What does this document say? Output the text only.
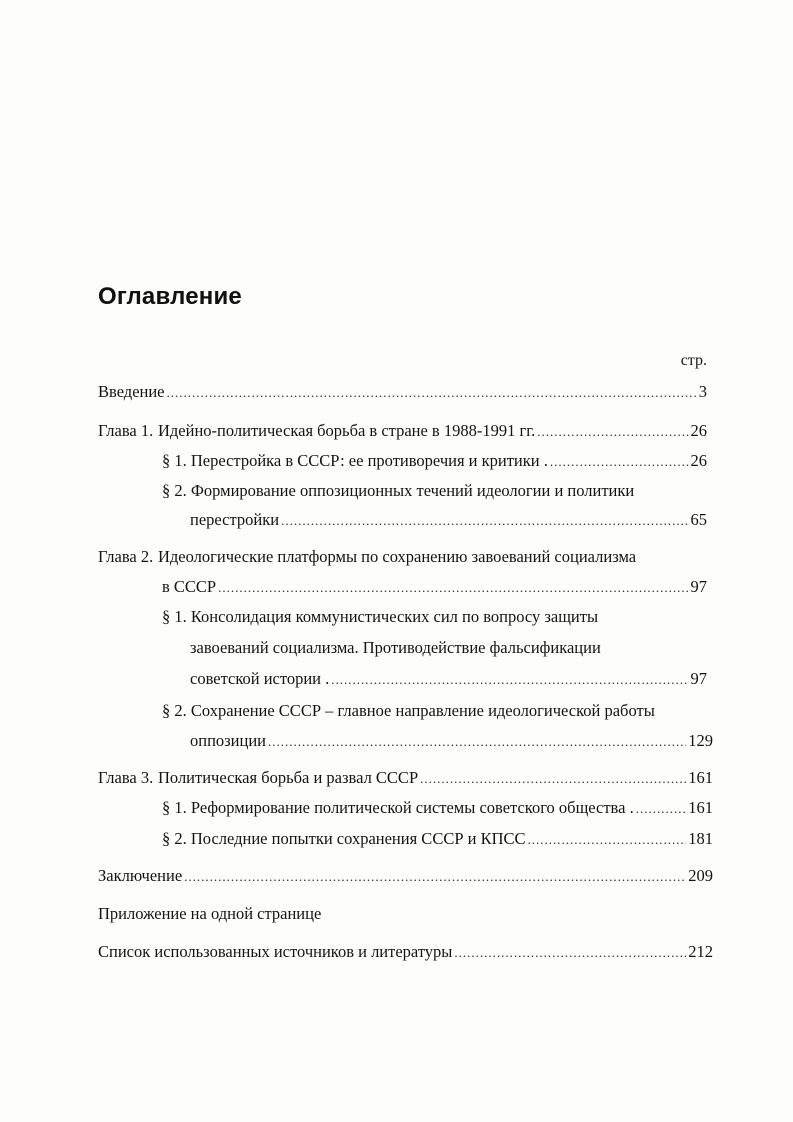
Оглавление
стр.
Введение .....	3
Глава 1. Идейно-политическая борьба в стране в 1988-1991 гг. .....	26
§ 1. Перестройка в СССР: ее противоречия и критики . .....	26
§ 2. Формирование оппозиционных течений идеологии и политики
перестройки .....	65
Глава 2. Идеологические платформы по сохранению завоеваний социализма
в СССР .....	97
§ 1. Консолидация коммунистических сил по вопросу защиты
завоеваний социализма. Противодействие фальсификации
советской истории . .....	97
§ 2. Сохранение СССР – главное направление идеологической работы
оппозиции .....	129
Глава 3. Политическая борьба и развал СССР .....	161
§ 1. Реформирование политической системы советского общества . .....	161
§ 2. Последние попытки сохранения СССР и КПСС .....	181
Заключение .....	209
Приложение на одной странице
Список использованных источников и литературы .....	212
